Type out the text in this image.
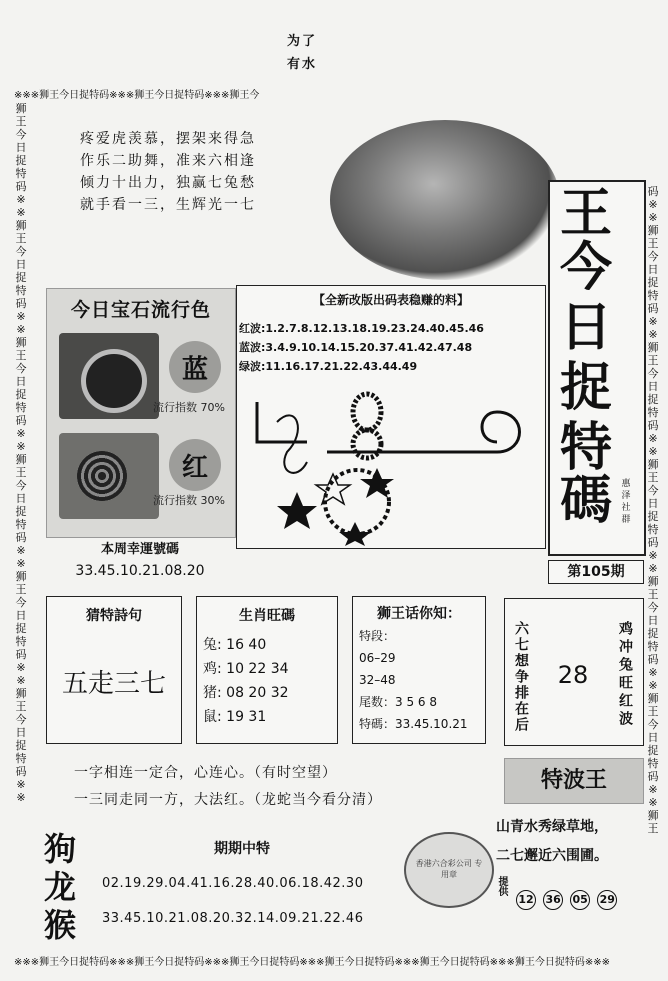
为了
有水
※※※狮王今日捉特码※※※狮王今日捉特码※※※狮王今
狮王今日捉特码※※狮王今日捉特码※※狮王今日捉特码※※狮王今日捉特码※※狮王今日捉特码※※狮王今日捉特码※※
码※※狮王今日捉特码※※狮王今日捉特码※※狮王今日捉特码※※狮王今日捉特码※※狮王今日捉特码※※狮王
※※※狮王今日捉特码※※※狮王今日捉特码※※※狮王今日捉特码※※※狮王今日捉特码※※※狮王今日捉特码※※※狮王今日捉特码※※※
疼爱虎羡慕，摆架来得急
作乐二助舞，准来六相逢
倾力十出力，独赢七兔愁
就手看一三，生辉光一七	王
今
日
捉
特
碼	惠
泽
社
群
第105期
今日宝石流行色
蓝
流行指数 70%
红
流行指数 30%
本周幸運號碼
33.45.10.21.08.20
【全新改版出码表稳赚的料】
红波:1.2.7.8.12.13.18.19.23.24.40.45.46
蓝波:3.4.9.10.14.15.20.37.41.42.47.48
绿波:11.16.17.21.22.43.44.49
猜特詩句
五走三七
生肖旺碼
兔: 16 40
鸡: 10 22 34
猪: 08 20 32
鼠: 19 31
狮王话你知：
特段：
06–29
32–48
尾数：3 5 6 8
特碼：33.45.10.21	六七想争排在后	28	鸡冲兔旺红波
一字相连一定合，心连心。（有时空望）
一三同走同一方，大法红。（龙蛇当今看分清）
特波王
山青水秀绿草地，
二七邂近六围圃。
提供
12 36 05 29
香港六合彩公司 专用章
狗
龙
猴
期期中特
02.19.29.04.41.16.28.40.06.18.42.30
33.45.10.21.08.20.32.14.09.21.22.46
